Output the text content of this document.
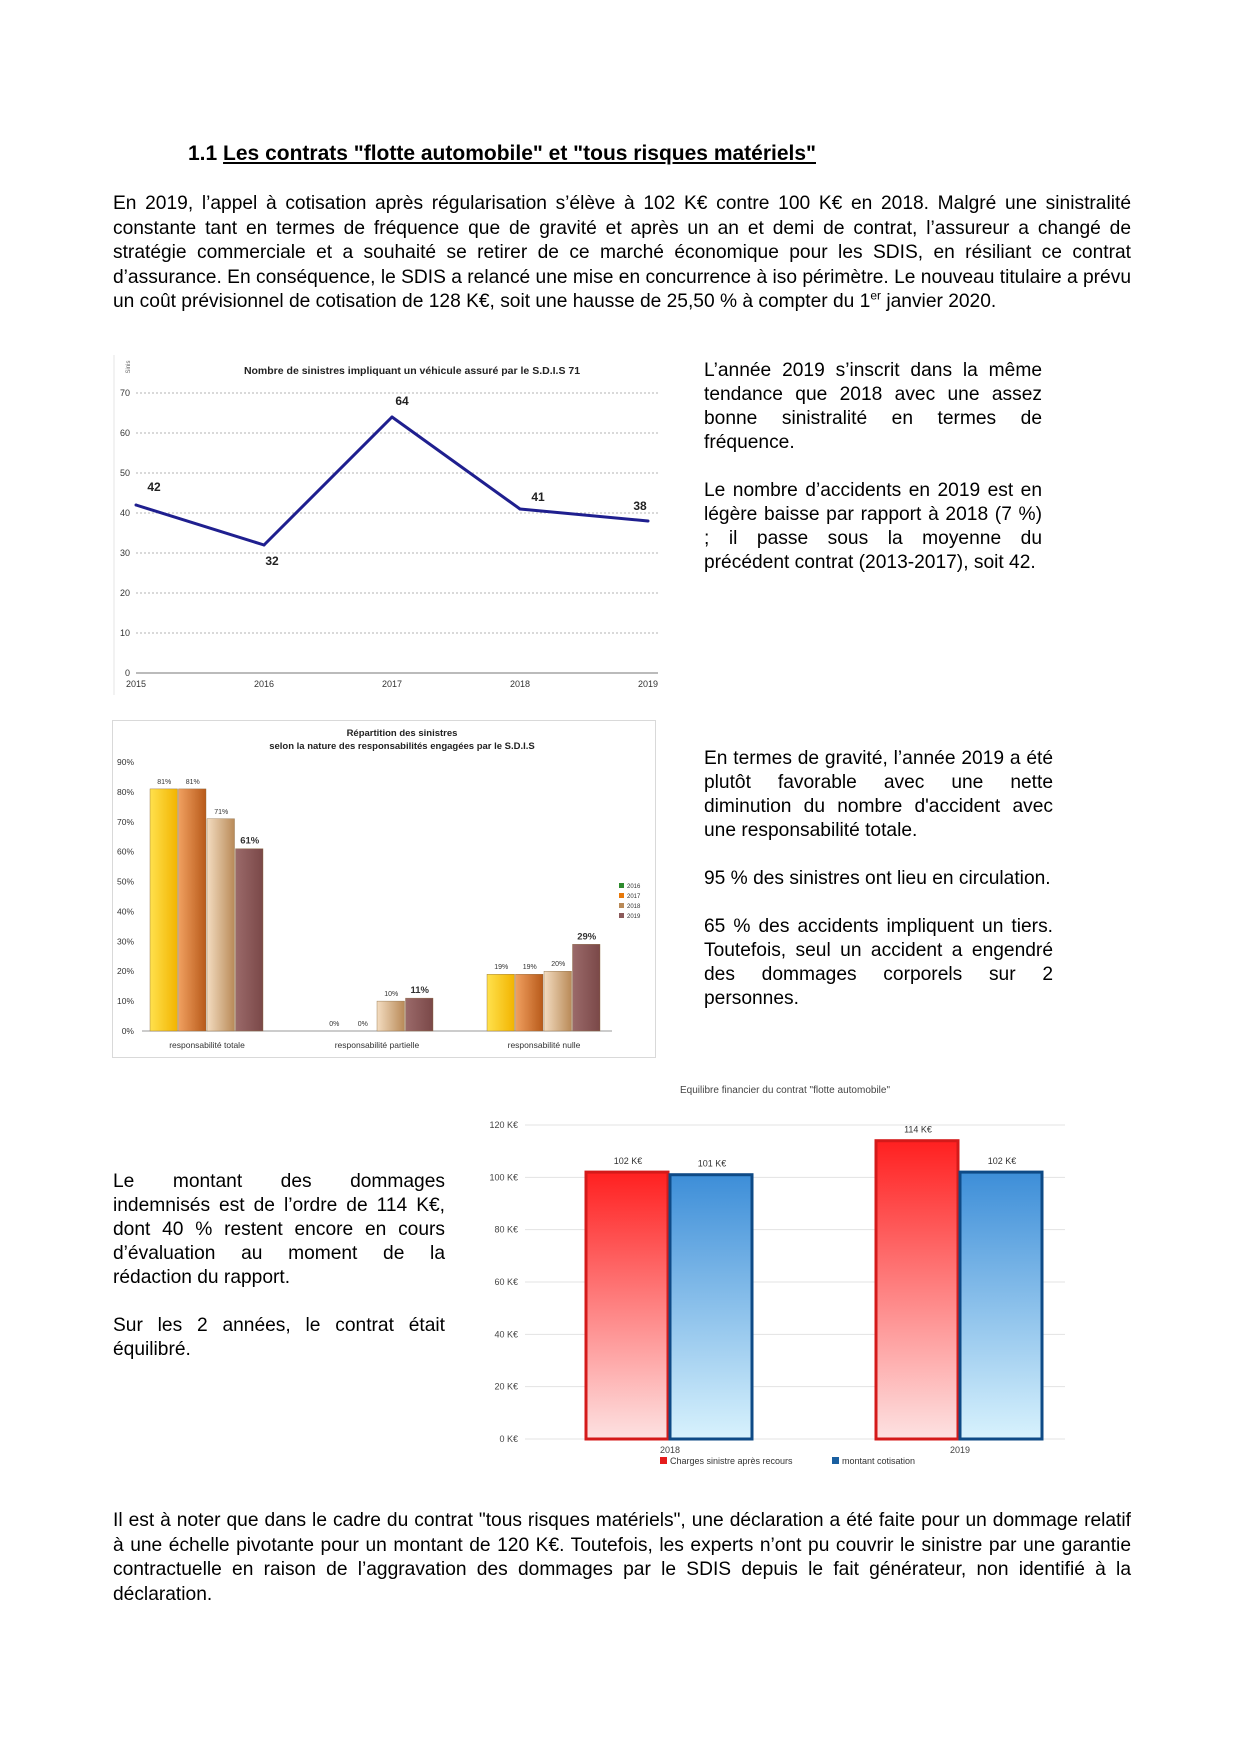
1.1 Les contrats "flotte automobile" et "tous risques matériels"
En 2019, l’appel à cotisation après régularisation s’élève à 102 K€ contre 100 K€ en 2018. Malgré une sinistralité constante tant en termes de fréquence que de gravité et après un an et demi de contrat, l’assureur a changé de stratégie commerciale et a souhaité se retirer de ce marché économique pour les SDIS, en résiliant ce contrat d’assurance. En conséquence, le SDIS a relancé une mise en concurrence à iso périmètre. Le nouveau titulaire a prévu un coût prévisionnel de cotisation de 128 K€, soit une hausse de 25,50 % à compter du 1er janvier 2020.
Nombre de sinistres impliquant un véhicule assuré par le S.D.I.S 71
Sinis
0
10
20
30
40
50
60
70
2015	2016	2017	2018	2019
42
32
64
41
38

L’année 2019 s’inscrit dans la même tendance que 2018 avec une assez bonne sinistralité en termes de fréquence.

Le nombre d’accidents en 2019 est en légère baisse par rapport à 2018 (7 %) ; il passe sous la moyenne du précédent contrat (2013-2017), soit 42.

Répartition des sinistres
selon la nature des responsabilités engagées par le S.D.I.S
0%
10%
20%
30%
40%
50%
60%
70%
80%
90%
81% 81%
71%
61%
responsabilité totale
0%	0%
10% 11%
responsabilité partielle
19% 19% 20%
29%
responsabilité nulle
2016
2017
2018
2019

En termes de gravité, l’année 2019 a été plutôt favorable avec une nette diminution du nombre d'accident avec une responsabilité totale.

95 % des sinistres ont lieu en circulation.

65 % des accidents impliquent un tiers. Toutefois, seul un accident a engendré des dommages corporels sur 2 personnes.

Le montant des dommages indemnisés est de l’ordre de 114 K€, dont 40 % restent encore en cours d’évaluation au moment de la rédaction du rapport.

Sur les 2 années, le contrat était équilibré.

Equilibre financier du contrat "flotte automobile"
0 K€
20 K€
40 K€
60 K€
80 K€
100 K€
120 K€
102 K€	101 K€
2018
114 K€
102 K€
2019
Charges sinistre après recours	montant cotisation
Il est à noter que dans le cadre du contrat "tous risques matériels", une déclaration a été faite pour un dommage relatif à une échelle pivotante pour un montant de 120 K€. Toutefois, les experts n’ont pu couvrir le sinistre par une garantie contractuelle en raison de l’aggravation des dommages par le SDIS depuis le fait générateur, non identifié à la déclaration.
